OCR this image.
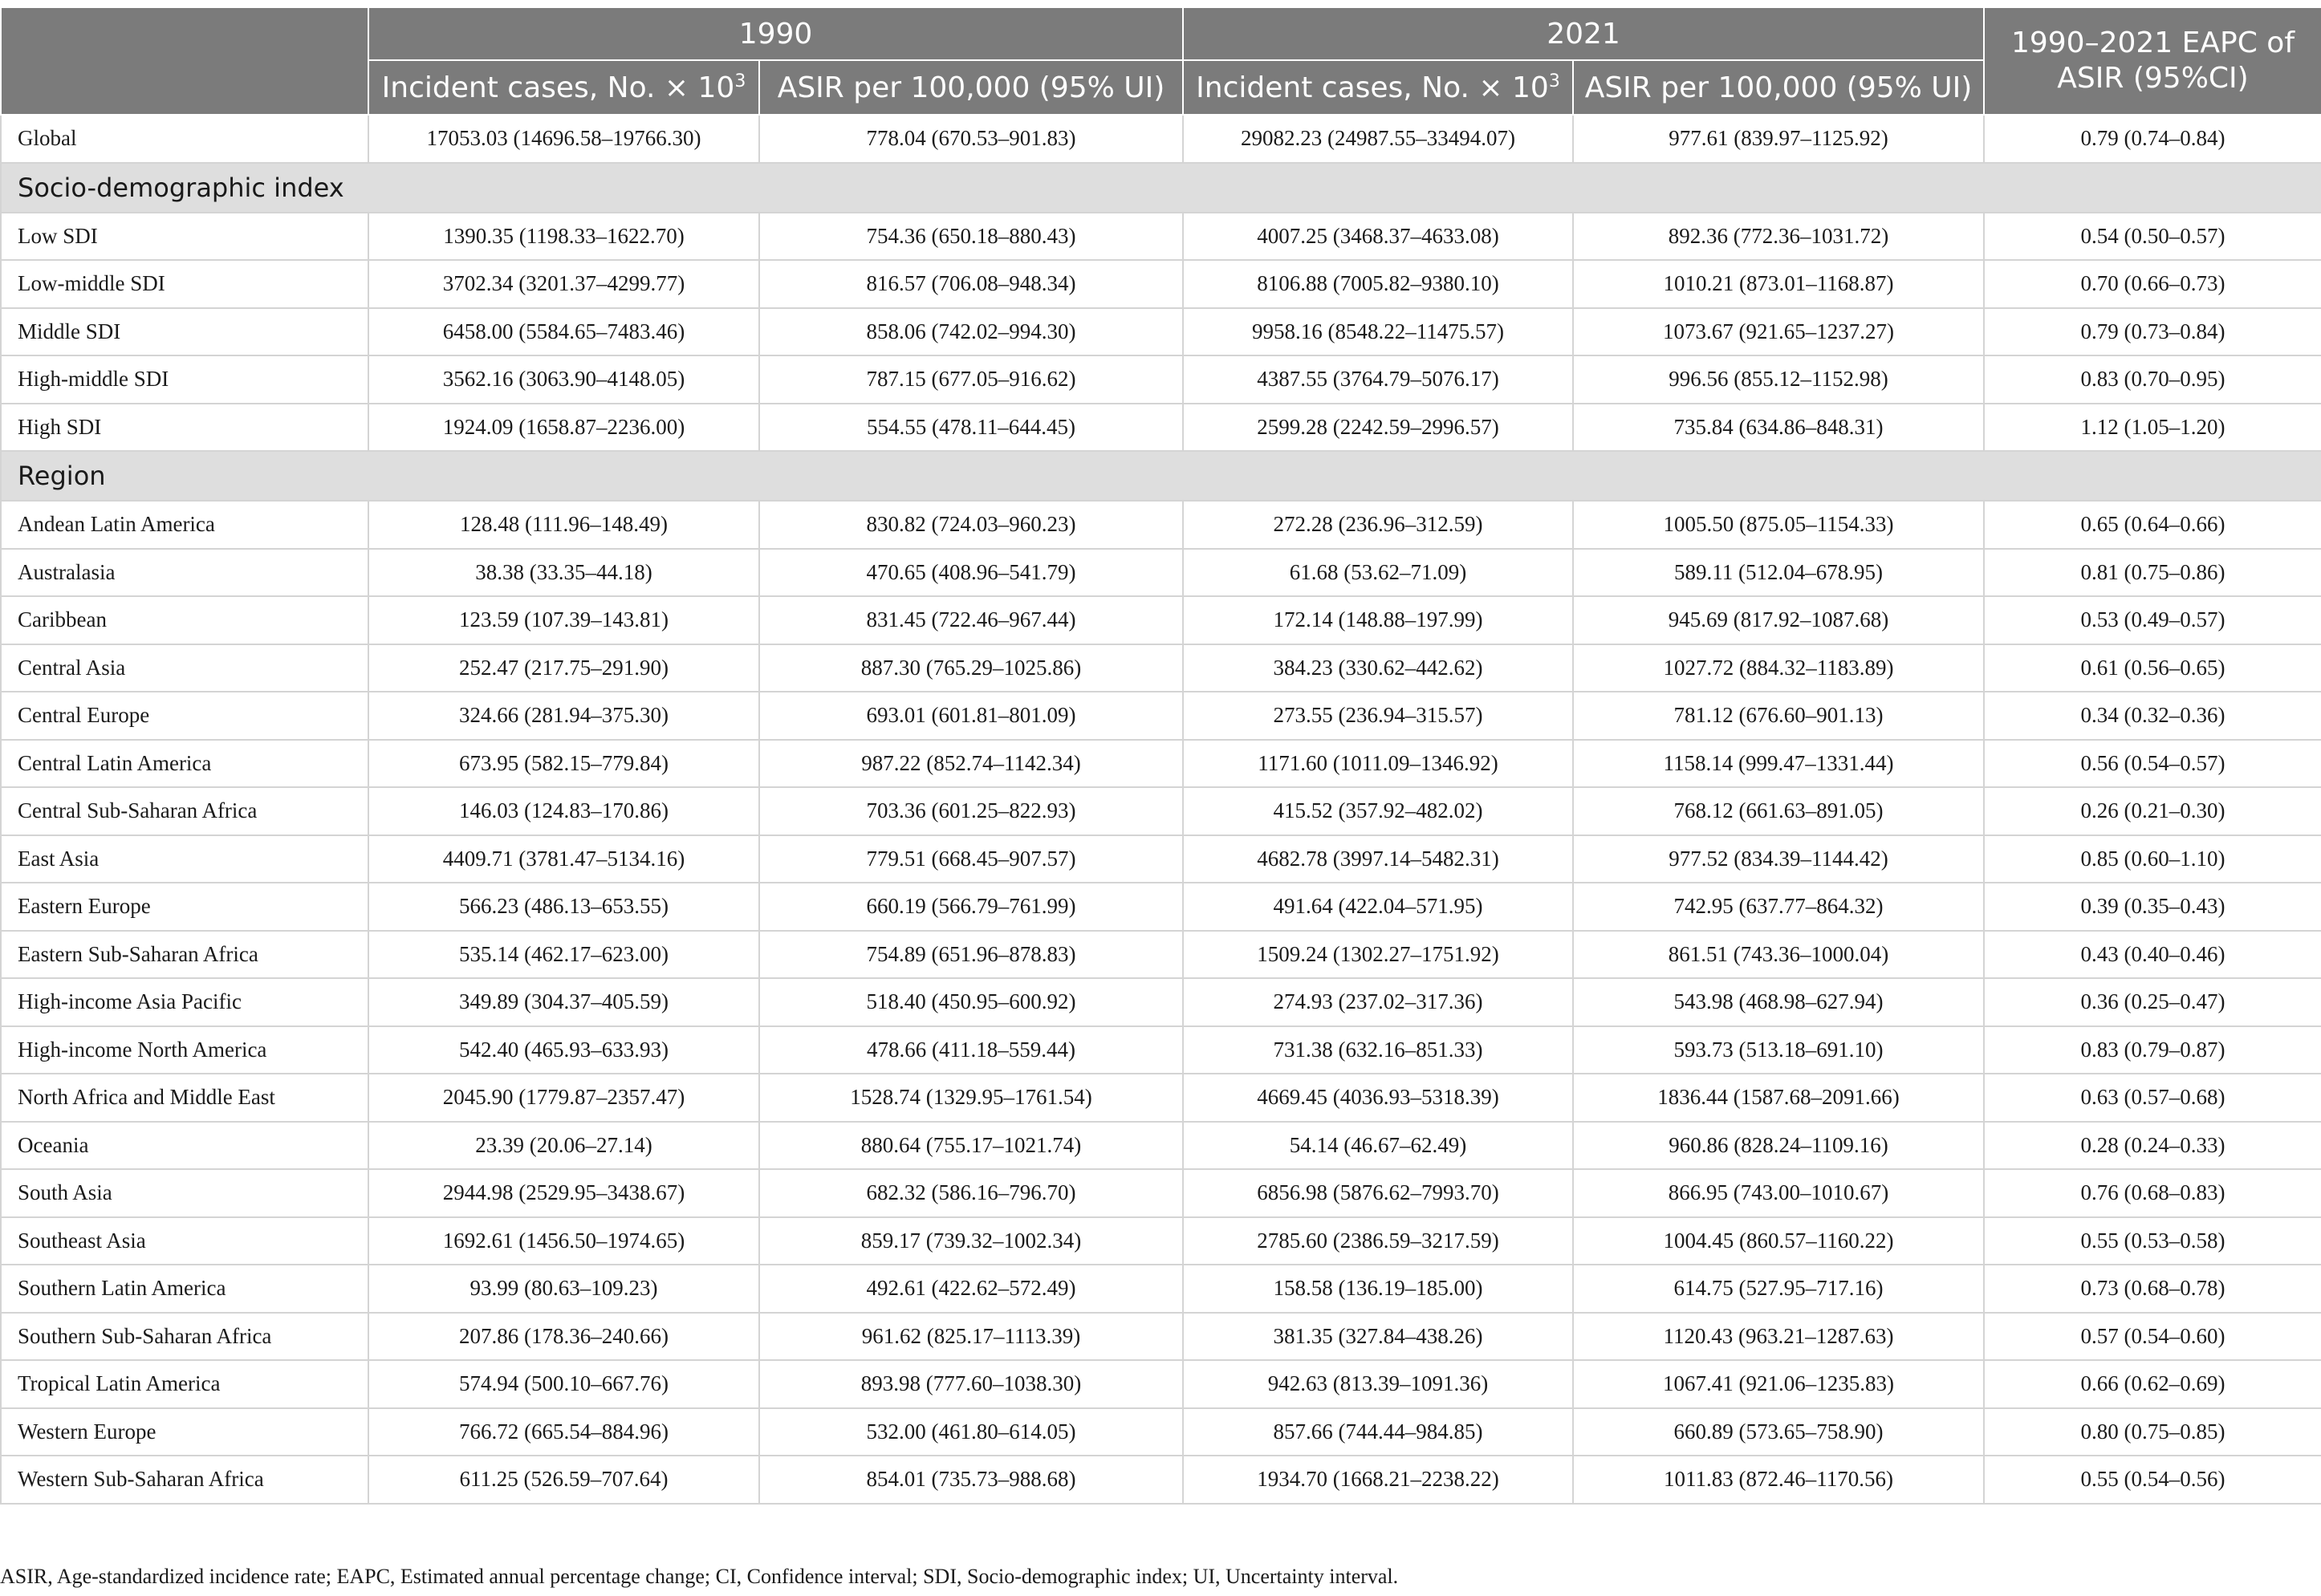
	1990		2021		1990–2021 EAPC of
ASIR (95%CI)
	Incident cases, No. × $10^3$	ASIR per 100,000 (95% UI)	Incident cases, No. × $10^3$	ASIR per 100,000 (95% UI)	
Global	17053.03 (14696.58–19766.30)	778.04 (670.53–901.83)	29082.23 (24987.55–33494.07)	977.61 (839.97–1125.92)	0.79 (0.74–0.84)
Socio-demographic index					
Low SDI	1390.35 (1198.33–1622.70)	754.36 (650.18–880.43)	4007.25 (3468.37–4633.08)	892.36 (772.36–1031.72)	0.54 (0.50–0.57)
Low-middle SDI	3702.34 (3201.37–4299.77)	816.57 (706.08–948.34)	8106.88 (7005.82–9380.10)	1010.21 (873.01–1168.87)	0.70 (0.66–0.73)
Middle SDI	6458.00 (5584.65–7483.46)	858.06 (742.02–994.30)	9958.16 (8548.22–11475.57)	1073.67 (921.65–1237.27)	0.79 (0.73–0.84)
High-middle SDI	3562.16 (3063.90–4148.05)	787.15 (677.05–916.62)	4387.55 (3764.79–5076.17)	996.56 (855.12–1152.98)	0.83 (0.70–0.95)
High SDI	1924.09 (1658.87–2236.00)	554.55 (478.11–644.45)	2599.28 (2242.59–2996.57)	735.84 (634.86–848.31)	1.12 (1.05–1.20)
Region					
Andean Latin America	128.48 (111.96–148.49)	830.82 (724.03–960.23)	272.28 (236.96–312.59)	1005.50 (875.05–1154.33)	0.65 (0.64–0.66)
Australasia	38.38 (33.35–44.18)	470.65 (408.96–541.79)	61.68 (53.62–71.09)	589.11 (512.04–678.95)	0.81 (0.75–0.86)
Caribbean	123.59 (107.39–143.81)	831.45 (722.46–967.44)	172.14 (148.88–197.99)	945.69 (817.92–1087.68)	0.53 (0.49–0.57)
Central Asia	252.47 (217.75–291.90)	887.30 (765.29–1025.86)	384.23 (330.62–442.62)	1027.72 (884.32–1183.89)	0.61 (0.56–0.65)
Central Europe	324.66 (281.94–375.30)	693.01 (601.81–801.09)	273.55 (236.94–315.57)	781.12 (676.60–901.13)	0.34 (0.32–0.36)
Central Latin America	673.95 (582.15–779.84)	987.22 (852.74–1142.34)	1171.60 (1011.09–1346.92)	1158.14 (999.47–1331.44)	0.56 (0.54–0.57)
Central Sub-Saharan Africa	146.03 (124.83–170.86)	703.36 (601.25–822.93)	415.52 (357.92–482.02)	768.12 (661.63–891.05)	0.26 (0.21–0.30)
East Asia	4409.71 (3781.47–5134.16)	779.51 (668.45–907.57)	4682.78 (3997.14–5482.31)	977.52 (834.39–1144.42)	0.85 (0.60–1.10)
Eastern Europe	566.23 (486.13–653.55)	660.19 (566.79–761.99)	491.64 (422.04–571.95)	742.95 (637.77–864.32)	0.39 (0.35–0.43)
Eastern Sub-Saharan Africa	535.14 (462.17–623.00)	754.89 (651.96–878.83)	1509.24 (1302.27–1751.92)	861.51 (743.36–1000.04)	0.43 (0.40–0.46)
High-income Asia Pacific	349.89 (304.37–405.59)	518.40 (450.95–600.92)	274.93 (237.02–317.36)	543.98 (468.98–627.94)	0.36 (0.25–0.47)
High-income North America	542.40 (465.93–633.93)	478.66 (411.18–559.44)	731.38 (632.16–851.33)	593.73 (513.18–691.10)	0.83 (0.79–0.87)
North Africa and Middle East	2045.90 (1779.87–2357.47)	1528.74 (1329.95–1761.54)	4669.45 (4036.93–5318.39)	1836.44 (1587.68–2091.66)	0.63 (0.57–0.68)
Oceania	23.39 (20.06–27.14)	880.64 (755.17–1021.74)	54.14 (46.67–62.49)	960.86 (828.24–1109.16)	0.28 (0.24–0.33)
South Asia	2944.98 (2529.95–3438.67)	682.32 (586.16–796.70)	6856.98 (5876.62–7993.70)	866.95 (743.00–1010.67)	0.76 (0.68–0.83)
Southeast Asia	1692.61 (1456.50–1974.65)	859.17 (739.32–1002.34)	2785.60 (2386.59–3217.59)	1004.45 (860.57–1160.22)	0.55 (0.53–0.58)
Southern Latin America	93.99 (80.63–109.23)	492.61 (422.62–572.49)	158.58 (136.19–185.00)	614.75 (527.95–717.16)	0.73 (0.68–0.78)
Southern Sub-Saharan Africa	207.86 (178.36–240.66)	961.62 (825.17–1113.39)	381.35 (327.84–438.26)	1120.43 (963.21–1287.63)	0.57 (0.54–0.60)
Tropical Latin America	574.94 (500.10–667.76)	893.98 (777.60–1038.30)	942.63 (813.39–1091.36)	1067.41 (921.06–1235.83)	0.66 (0.62–0.69)
Western Europe	766.72 (665.54–884.96)	532.00 (461.80–614.05)	857.66 (744.44–984.85)	660.89 (573.65–758.90)	0.80 (0.75–0.85)
Western Sub-Saharan Africa	611.25 (526.59–707.64)	854.01 (735.73–988.68)	1934.70 (1668.21–2238.22)	1011.83 (872.46–1170.56)	0.55 (0.54–0.56)
ASIR, Age-standardized incidence rate; EAPC, Estimated annual percentage change; CI, Confidence interval; SDI, Socio-demographic index; UI, Uncertainty interval.
